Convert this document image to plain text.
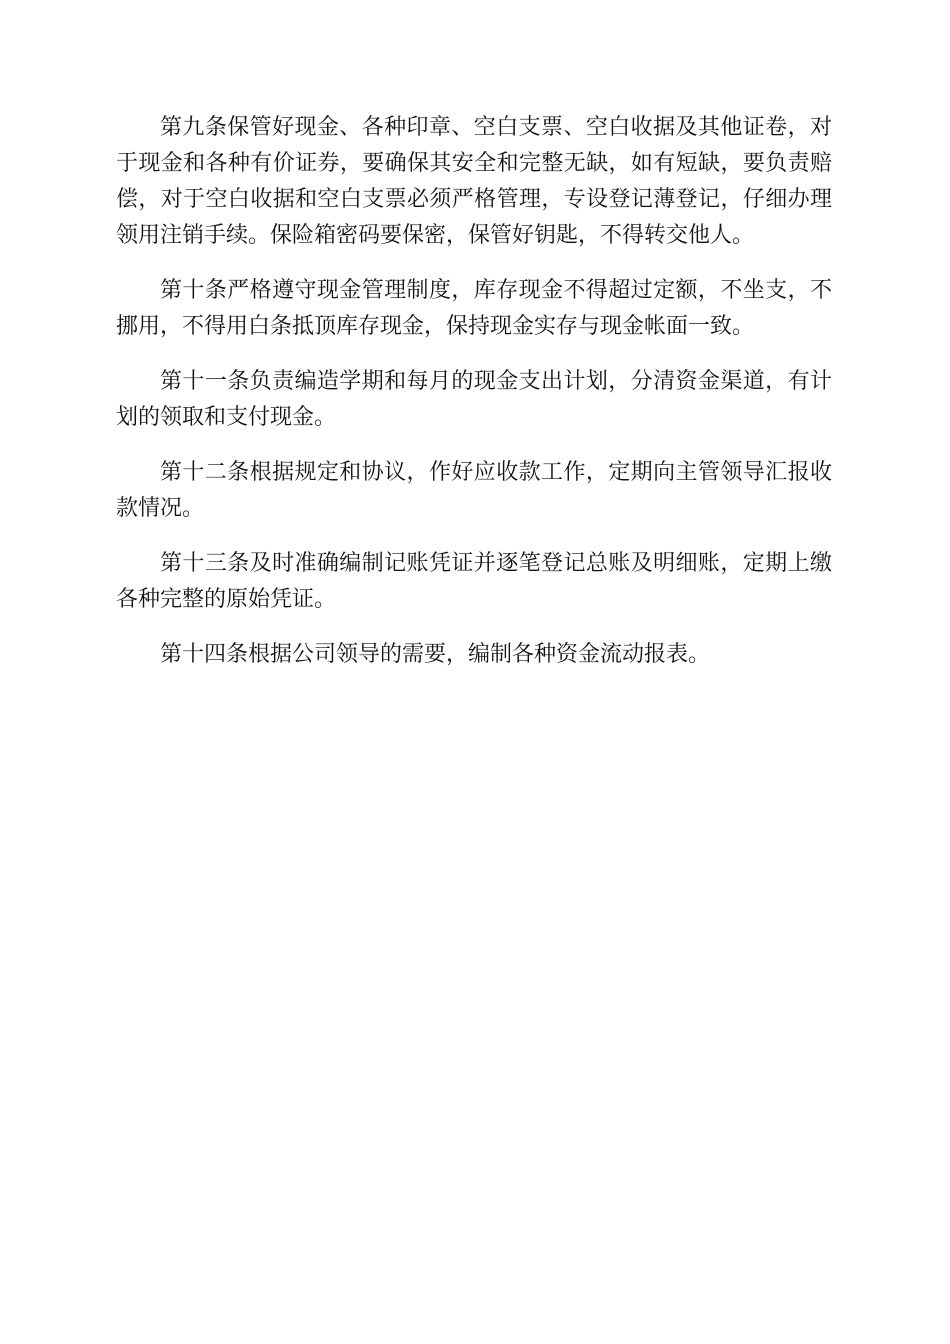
第九条保管好现金、各种印章、空白支票、空白收据及其他证卷，对于现金和各种有价证券，要确保其安全和完整无缺，如有短缺，要负责赔偿，对于空白收据和空白支票必须严格管理，专设登记薄登记，仔细办理领用注销手续。保险箱密码要保密，保管好钥匙，不得转交他人。

第十条严格遵守现金管理制度，库存现金不得超过定额，不坐支，不挪用，不得用白条抵顶库存现金，保持现金实存与现金帐面一致。

第十一条负责编造学期和每月的现金支出计划，分清资金渠道，有计划的领取和支付现金。

第十二条根据规定和协议，作好应收款工作，定期向主管领导汇报收款情况。

第十三条及时准确编制记账凭证并逐笔登记总账及明细账，定期上缴各种完整的原始凭证。

第十四条根据公司领导的需要，编制各种资金流动报表。
